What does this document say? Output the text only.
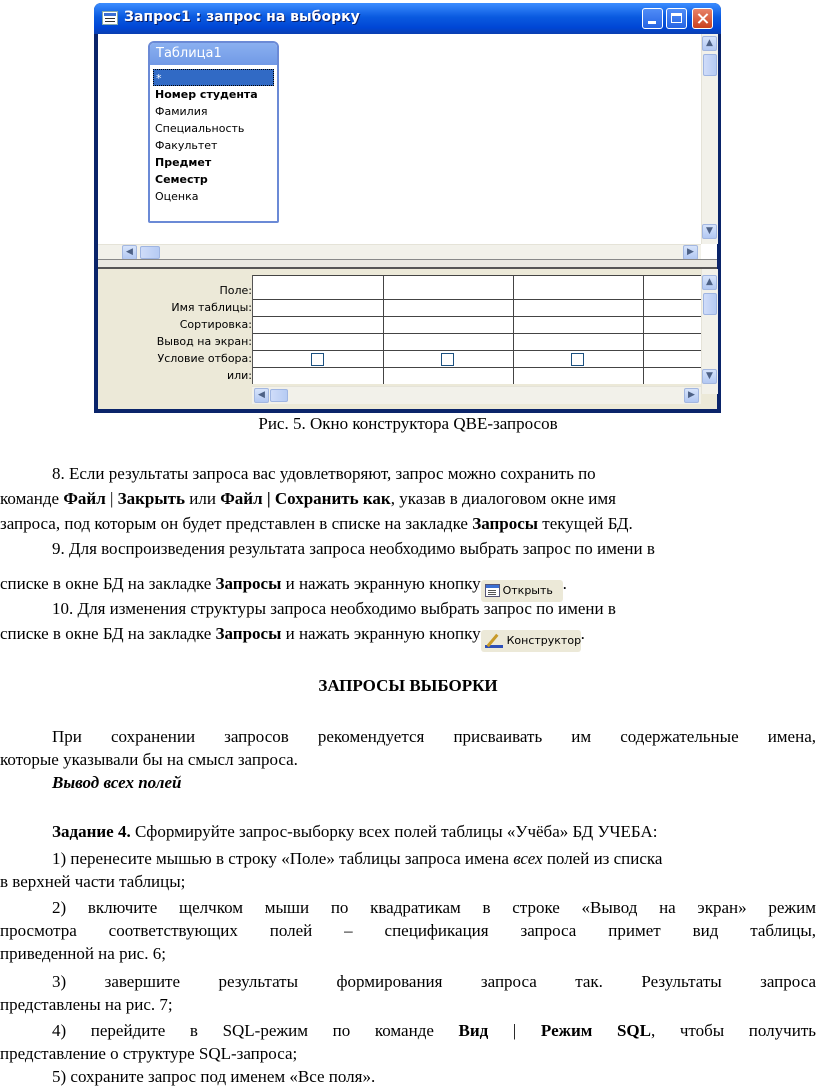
Запрос1 : запрос на выборку
Таблица1
*
Номер студента
Фамилия
Специальность
Факультет
Предмет
Семестр
Оценка
▲
▼
◀	▶
Поле:
Имя таблицы:
Сортировка:
Вывод на экран:
Условие отбора:
или:
▲
▼
◀	▶
Рис. 5. Окно конструктора QBE-запросов
8. Если результаты запроса вас удовлетворяют, запрос можно сохранить по
команде Файл | Закрыть или Файл | Сохранить как, указав в диалоговом окне имя
запроса, под которым он будет представлен в списке на закладке Запросы текущей БД.
9. Для воспроизведения результата запроса необходимо выбрать запрос по имени в
списке в окне БД на закладке Запросы и нажать экранную кнопку Открыть .
10. Для изменения структуры запроса необходимо выбрать запрос по имени в
списке в окне БД на закладке Запросы и нажать экранную кнопку Конструктор.
ЗАПРОСЫ ВЫБОРКИ
При сохранении запросов рекомендуется присваивать им содержательные имена,
которые указывали бы на смысл запроса.
Вывод всех полей
Задание 4. Сформируйте запрос-выборку всех полей таблицы «Учёба» БД УЧЕБА:
1) перенесите мышью в строку «Поле» таблицы запроса имена всех полей из списка
в верхней части таблицы;
2) включите щелчком мыши по квадратикам в строке «Вывод на экран» режим
просмотра соответствующих полей – спецификация запроса примет вид таблицы,
приведенной на рис. 6;
3) завершите результаты формирования запроса так. Результаты запроса
представлены на рис. 7;
4) перейдите в SQL-режим по команде Вид | Режим SQL, чтобы получить
представление о структуре SQL-запроса;
5) сохраните запрос под именем «Все поля».
